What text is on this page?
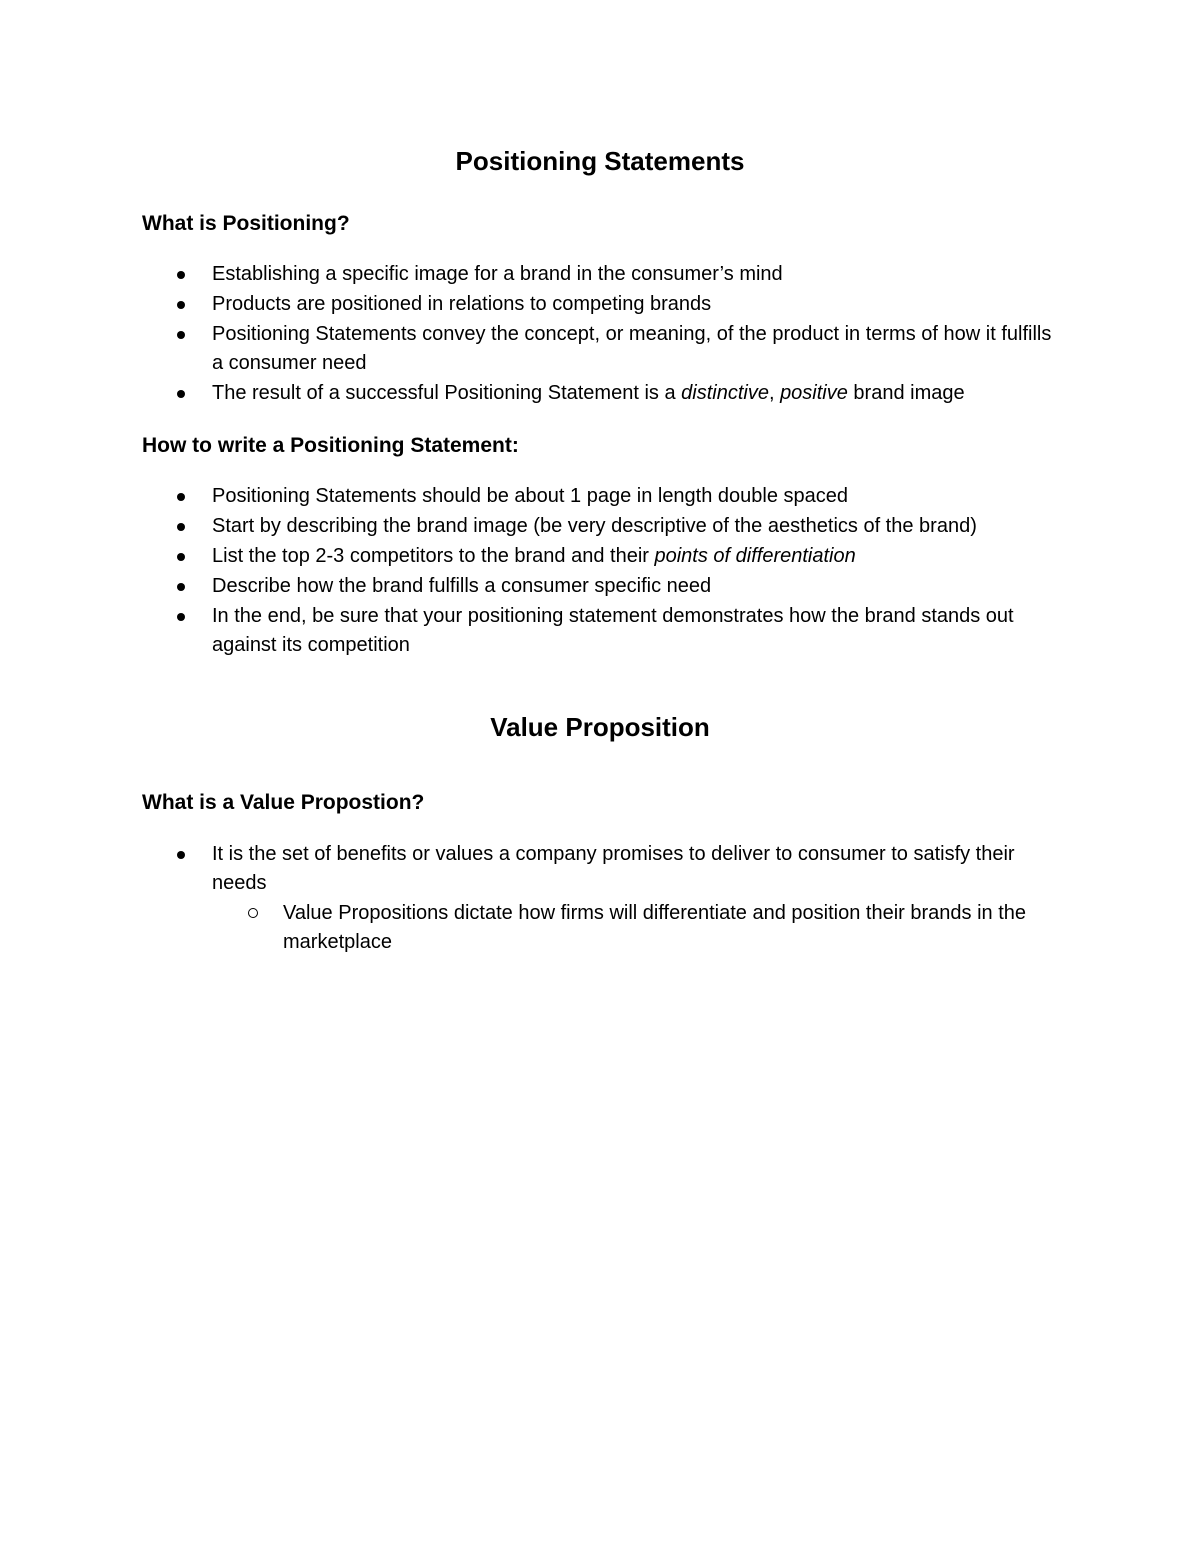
Positioning Statements
What is Positioning?
Establishing a specific image for a brand in the consumer’s mind
Products are positioned in relations to competing brands
Positioning Statements convey the concept, or meaning, of the product in terms of how it fulfills a consumer need
The result of a successful Positioning Statement is a distinctive, positive brand image
How to write a Positioning Statement:
Positioning Statements should be about 1 page in length double spaced
Start by describing the brand image (be very descriptive of the aesthetics of the brand)
List the top 2-3 competitors to the brand and their points of differentiation
Describe how the brand fulfills a consumer specific need
In the end, be sure that your positioning statement demonstrates how the brand stands out against its competition
Value Proposition
What is a Value Propostion?
It is the set of benefits or values a company promises to deliver to consumer to satisfy their needs
Value Propositions dictate how firms will differentiate and position their brands in the marketplace
